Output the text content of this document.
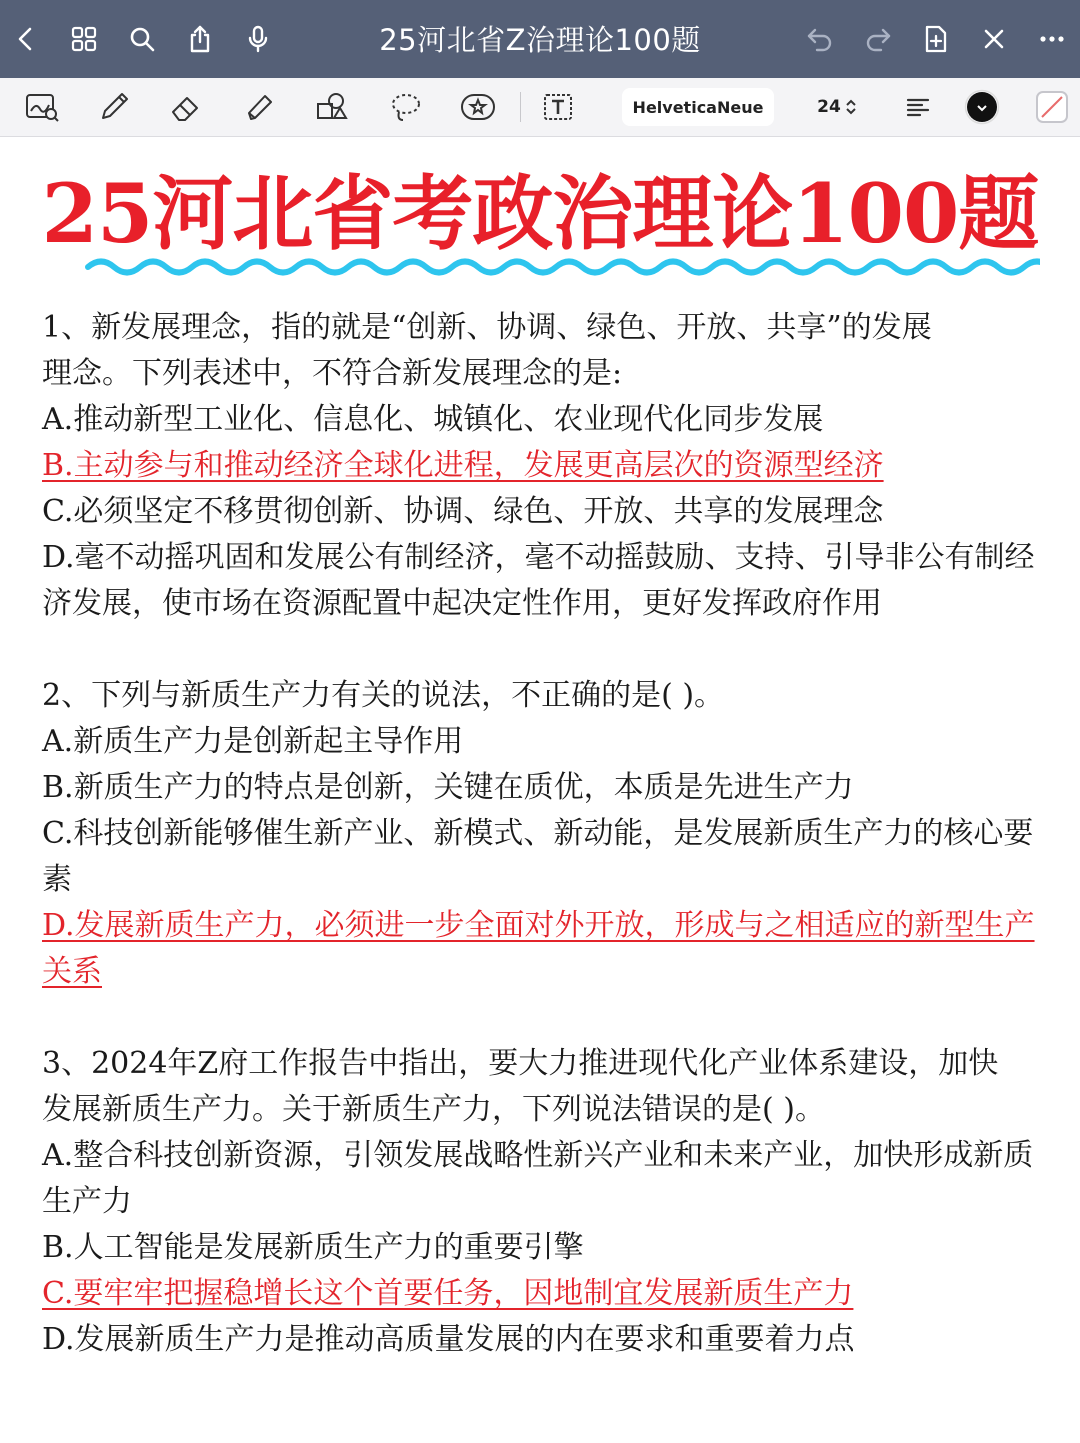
25河北省Z治理论100题
HelveticaNeue	24
25河北省考政治理论100题

1、新发展理念，指的就是“创新、协调、绿色、开放、共享”的发展

理念。下列表述中，不符合新发展理念的是:

A.推动新型工业化、信息化、城镇化、农业现代化同步发展

B.主动参与和推动经济全球化进程，发展更高层次的资源型经济

C.必须坚定不移贯彻创新、协调、绿色、开放、共享的发展理念

D.毫不动摇巩固和发展公有制经济，毫不动摇鼓励、支持、引导非公有制经济发展，使市场在资源配置中起决定性作用，更好发挥政府作用

2、下列与新质生产力有关的说法，不正确的是( )。

A.新质生产力是创新起主导作用

B.新质生产力的特点是创新，关键在质优，本质是先进生产力

C.科技创新能够催生新产业、新模式、新动能，是发展新质生产力的核心要素

D.发展新质生产力，必须进一步全面对外开放，形成与之相适应的新型生产关系

3、2024年Z府工作报告中指出，要大力推进现代化产业体系建设，加快

发展新质生产力。关于新质生产力，下列说法错误的是( )。

A.整合科技创新资源，引领发展战略性新兴产业和未来产业，加快形成新质生产力

B.人工智能是发展新质生产力的重要引擎

C.要牢牢把握稳增长这个首要任务，因地制宜发展新质生产力

D.发展新质生产力是推动高质量发展的内在要求和重要着力点
